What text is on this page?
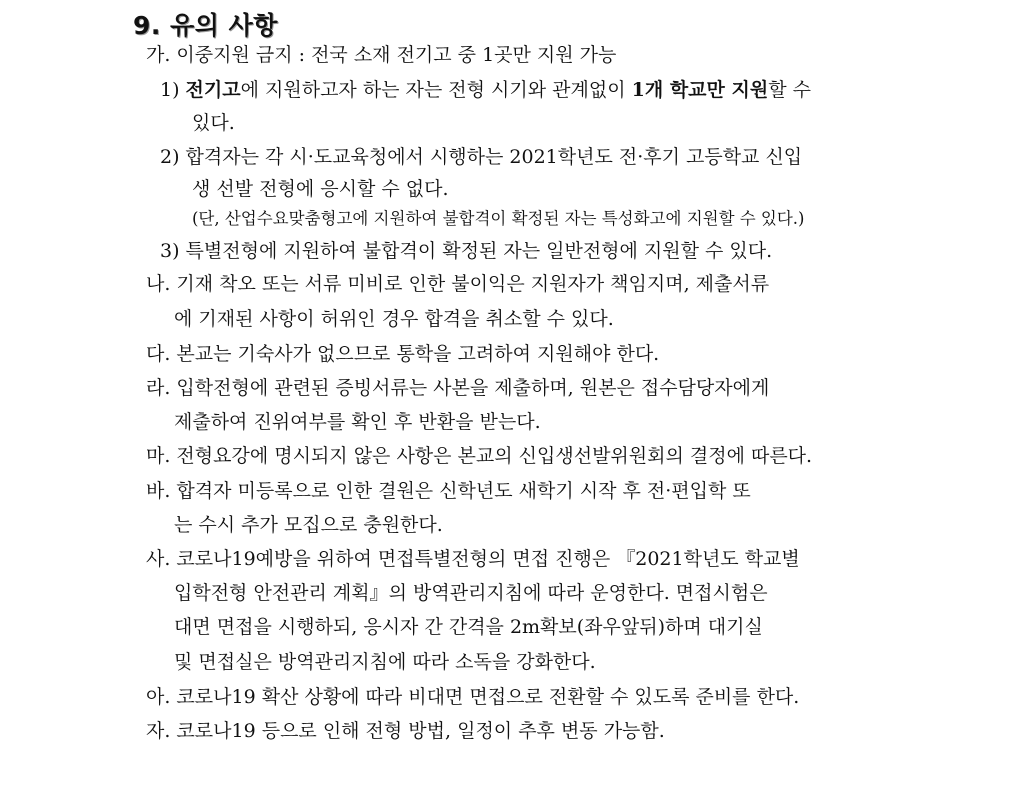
9. 유의 사항
가. 이중지원 금지 : 전국 소재 전기고 중 1곳만 지원 가능
1) 전기고에 지원하고자 하는 자는 전형 시기와 관계없이 1개 학교만 지원할 수
있다.
2) 합격자는 각 시·도교육청에서 시행하는 2021학년도 전·후기 고등학교 신입
생 선발 전형에 응시할 수 없다.
(단, 산업수요맞춤형고에 지원하여 불합격이 확정된 자는 특성화고에 지원할 수 있다.)
3) 특별전형에 지원하여 불합격이 확정된 자는 일반전형에 지원할 수 있다.
나. 기재 착오 또는 서류 미비로 인한 불이익은 지원자가 책임지며, 제출서류
에 기재된 사항이 허위인 경우 합격을 취소할 수 있다.
다. 본교는 기숙사가 없으므로 통학을 고려하여 지원해야 한다.
라. 입학전형에 관련된 증빙서류는 사본을 제출하며, 원본은 접수담당자에게
제출하여 진위여부를 확인 후 반환을 받는다.
마. 전형요강에 명시되지 않은 사항은 본교의 신입생선발위원회의 결정에 따른다.
바. 합격자 미등록으로 인한 결원은 신학년도 새학기 시작 후 전·편입학 또
는 수시 추가 모집으로 충원한다.
사. 코로나19예방을 위하여 면접특별전형의 면접 진행은 『2021학년도 학교별
입학전형 안전관리 계획』의 방역관리지침에 따라 운영한다. 면접시험은
대면 면접을 시행하되, 응시자 간 간격을 2m확보(좌우앞뒤)하며 대기실
및 면접실은 방역관리지침에 따라 소독을 강화한다.
아. 코로나19 확산 상황에 따라 비대면 면접으로 전환할 수 있도록 준비를 한다.
자. 코로나19 등으로 인해 전형 방법, 일정이 추후 변동 가능함.
